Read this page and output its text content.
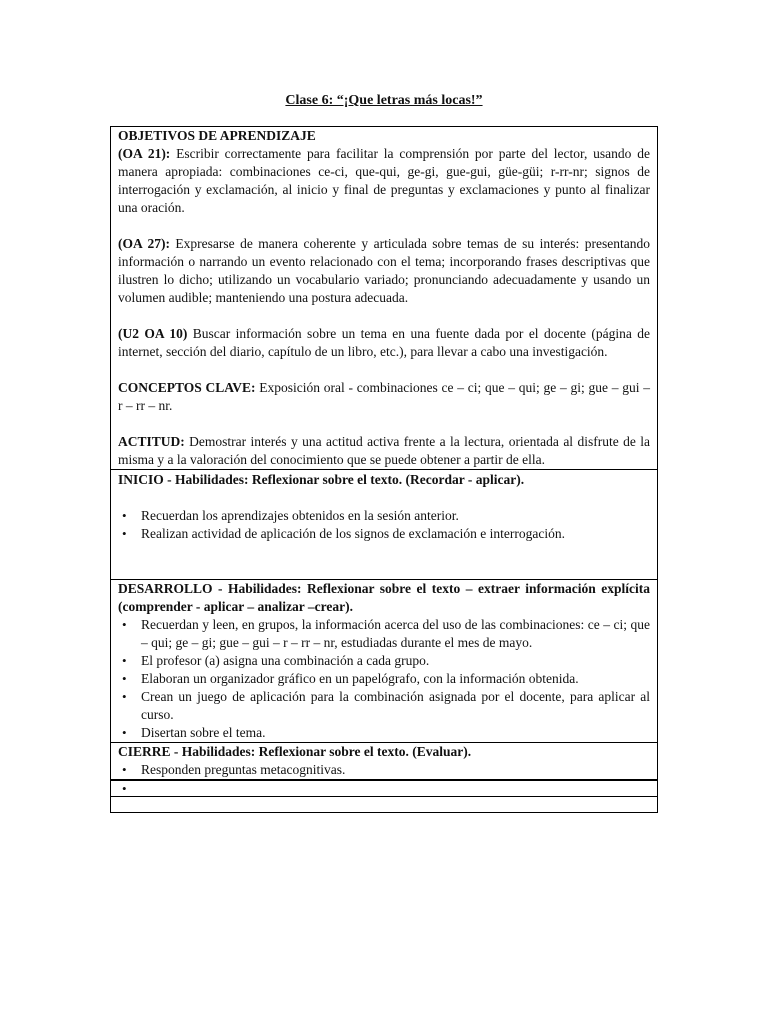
Clase 6: “¡Que letras más locas!”

OBJETIVOS DE APRENDIZAJE

(OA 21): Escribir correctamente para facilitar la comprensión por parte del lector, usando de manera apropiada: combinaciones ce-ci, que-qui, ge-gi, gue-gui, güe-güi; r-rr-nr; signos de interrogación y exclamación, al inicio y final de preguntas y exclamaciones y punto al finalizar una oración.

(OA 27): Expresarse de manera coherente y articulada sobre temas de su interés: presentando información o narrando un evento relacionado con el tema; incorporando frases descriptivas que ilustren lo dicho; utilizando un vocabulario variado; pronunciando adecuadamente y usando un volumen audible; manteniendo una postura adecuada.

(U2 OA 10) Buscar información sobre un tema en una fuente dada por el docente (página de internet, sección del diario, capítulo de un libro, etc.), para llevar a cabo una investigación.

CONCEPTOS CLAVE: Exposición oral - combinaciones ce – ci; que – qui; ge – gi; gue – gui – r – rr – nr.

ACTITUD: Demostrar interés y una actitud activa frente a la lectura, orientada al disfrute de la misma y a la valoración del conocimiento que se puede obtener a partir de ella.

INICIO - Habilidades: Reflexionar sobre el texto. (Recordar - aplicar).

• Recuerdan los aprendizajes obtenidos en la sesión anterior.
• Realizan actividad de aplicación de los signos de exclamación e interrogación.

DESARROLLO - Habilidades: Reflexionar sobre el texto – extraer información explícita (comprender - aplicar – analizar –crear).

• Recuerdan y leen, en grupos, la información acerca del uso de las combinaciones: ce – ci; que – qui; ge – gi; gue – gui – r – rr – nr, estudiadas durante el mes de mayo.
• El profesor (a) asigna una combinación a cada grupo.
• Elaboran un organizador gráfico en un papelógrafo, con la información obtenida.
• Crean un juego de aplicación para la combinación asignada por el docente, para aplicar al curso.
• Disertan sobre el tema.

CIERRE - Habilidades: Reflexionar sobre el texto. (Evaluar).

• Responden preguntas metacognitivas.
•
